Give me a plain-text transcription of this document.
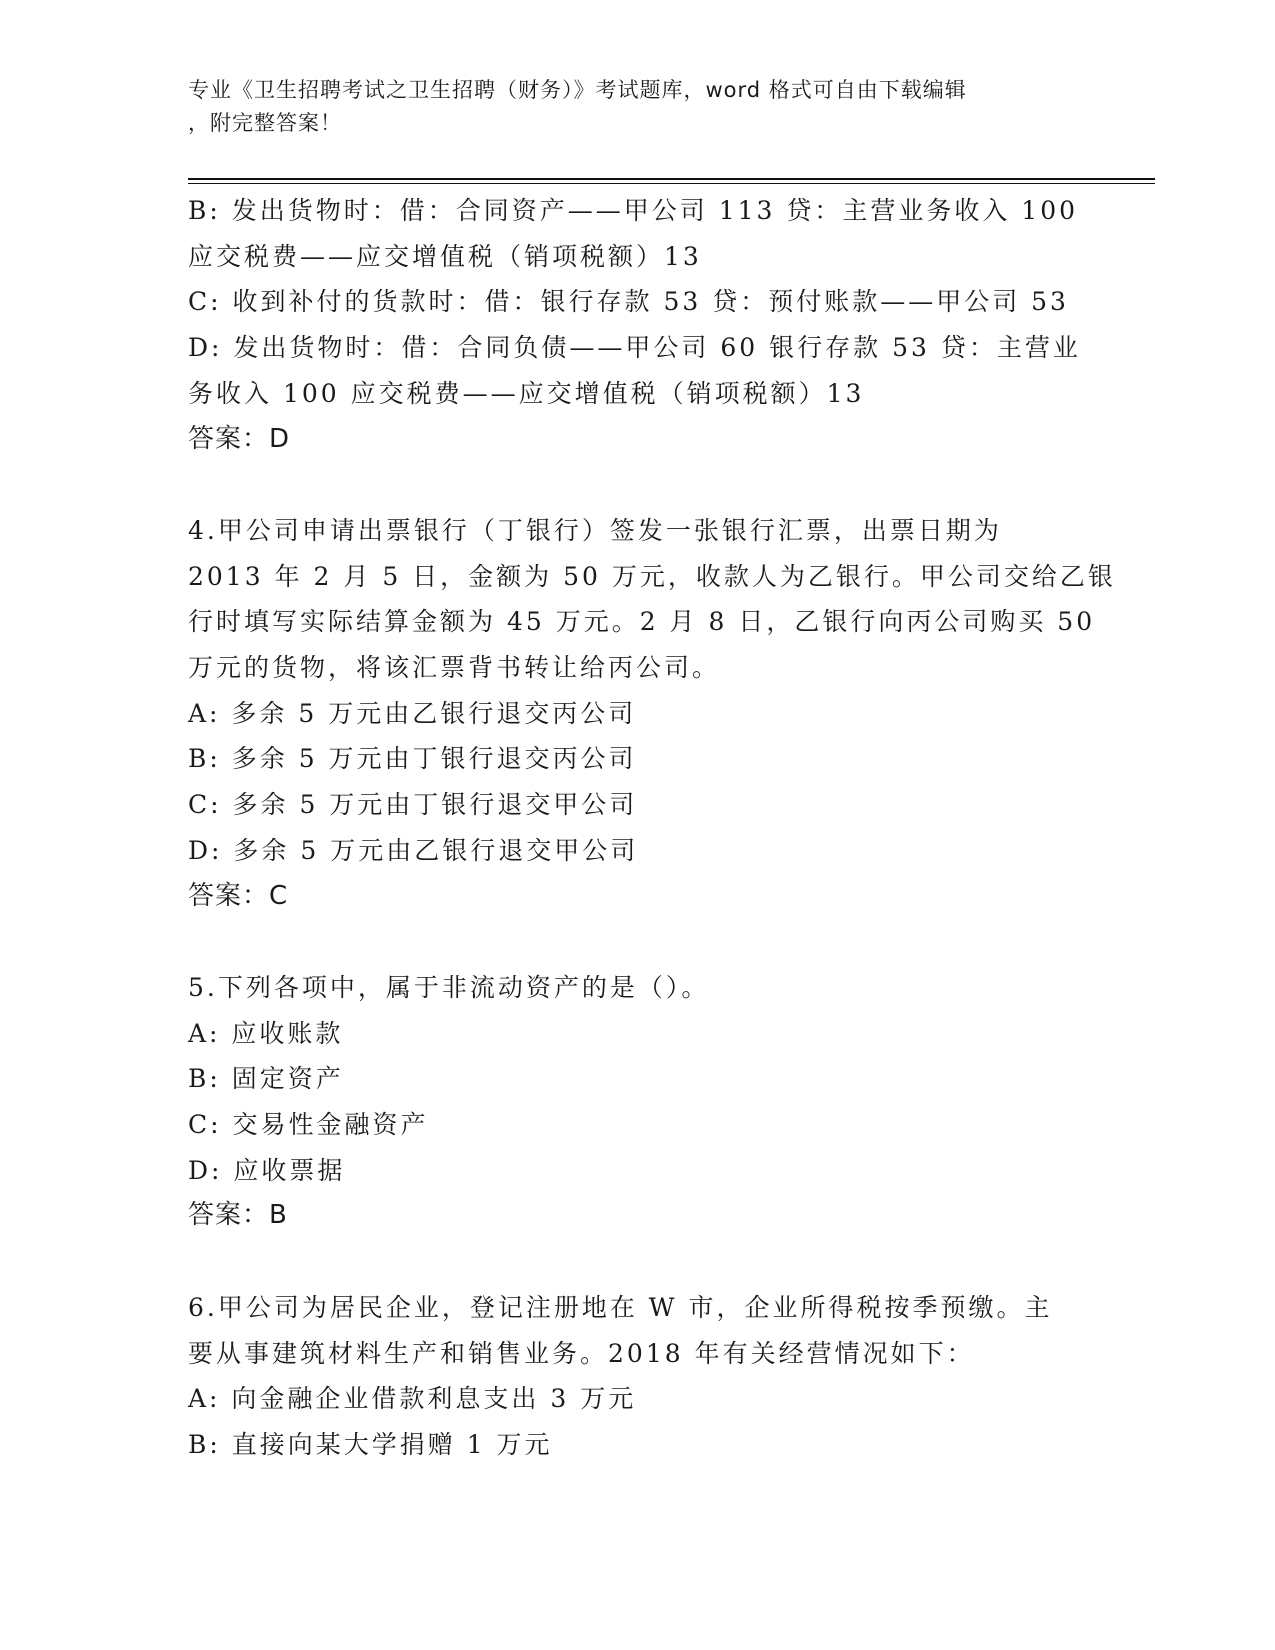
专业《卫生招聘考试之卫生招聘（财务）》考试题库，word 格式可自由下载编辑
，附完整答案！
B: 发出货物时：借：合同资产——甲公司 113 贷：主营业务收入 100
应交税费——应交增值税（销项税额）13
C: 收到补付的货款时：借：银行存款 53 贷：预付账款——甲公司 53
D: 发出货物时：借：合同负债——甲公司 60 银行存款 53 贷：主营业
务收入 100 应交税费——应交增值税（销项税额）13
答案：D
4.甲公司申请出票银行（丁银行）签发一张银行汇票，出票日期为
2013 年 2 月 5 日，金额为 50 万元，收款人为乙银行。甲公司交给乙银
行时填写实际结算金额为 45 万元。2 月 8 日，乙银行向丙公司购买 50
万元的货物，将该汇票背书转让给丙公司。
A: 多余 5 万元由乙银行退交丙公司
B: 多余 5 万元由丁银行退交丙公司
C: 多余 5 万元由丁银行退交甲公司
D: 多余 5 万元由乙银行退交甲公司
答案：C
5.下列各项中，属于非流动资产的是（）。
A: 应收账款
B: 固定资产
C: 交易性金融资产
D: 应收票据
答案：B
6.甲公司为居民企业，登记注册地在 W 市，企业所得税按季预缴。主
要从事建筑材料生产和销售业务。2018 年有关经营情况如下：
A: 向金融企业借款利息支出 3 万元
B: 直接向某大学捐赠 1 万元
